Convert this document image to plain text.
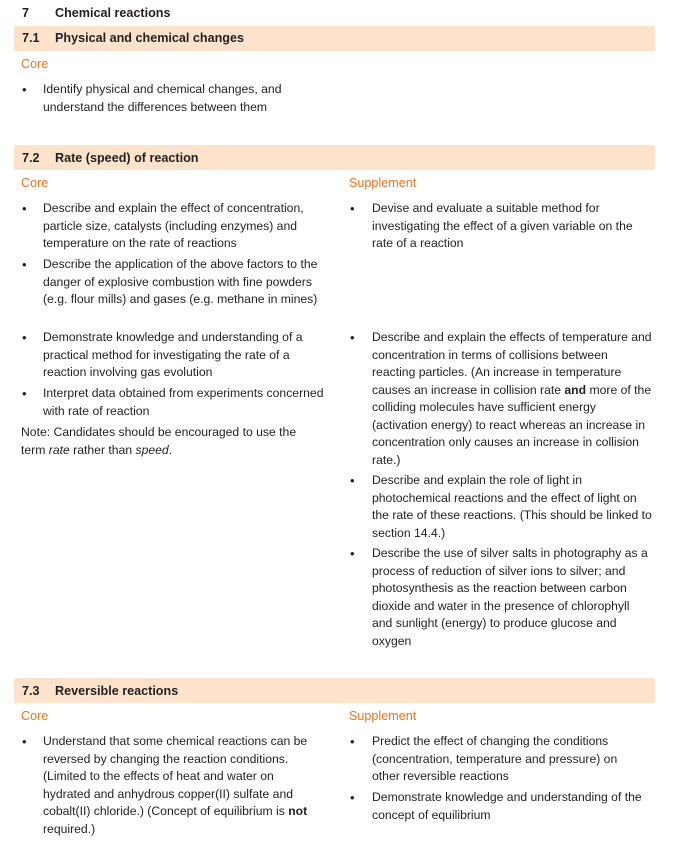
7 Chemical reactions
7.1 Physical and chemical changes
Core
• Identify physical and chemical changes, and understand the differences between them
7.2 Rate (speed) of reaction
Core	Supplement
• Describe and explain the effect of concentration, particle size, catalysts (including enzymes) and temperature on the rate of reactions
• Describe the application of the above factors to the danger of explosive combustion with fine powders (e.g. flour mills) and gases (e.g. methane in mines)
• Demonstrate knowledge and understanding of a practical method for investigating the rate of a reaction involving gas evolution
• Interpret data obtained from experiments concerned with rate of reaction
Note: Candidates should be encouraged to use the term rate rather than speed.
• Devise and evaluate a suitable method for investigating the effect of a given variable on the rate of a reaction
• Describe and explain the effects of temperature and concentration in terms of collisions between reacting particles. (An increase in temperature causes an increase in collision rate and more of the colliding molecules have sufficient energy (activation energy) to react whereas an increase in concentration only causes an increase in collision rate.)
• Describe and explain the role of light in photochemical reactions and the effect of light on the rate of these reactions. (This should be linked to section 14.4.)
• Describe the use of silver salts in photography as a process of reduction of silver ions to silver; and photosynthesis as the reaction between carbon dioxide and water in the presence of chlorophyll and sunlight (energy) to produce glucose and oxygen
7.3 Reversible reactions
Core	Supplement
• Understand that some chemical reactions can be reversed by changing the reaction conditions. (Limited to the effects of heat and water on hydrated and anhydrous copper(II) sulfate and cobalt(II) chloride.) (Concept of equilibrium is not required.)
• Predict the effect of changing the conditions (concentration, temperature and pressure) on other reversible reactions
• Demonstrate knowledge and understanding of the concept of equilibrium
